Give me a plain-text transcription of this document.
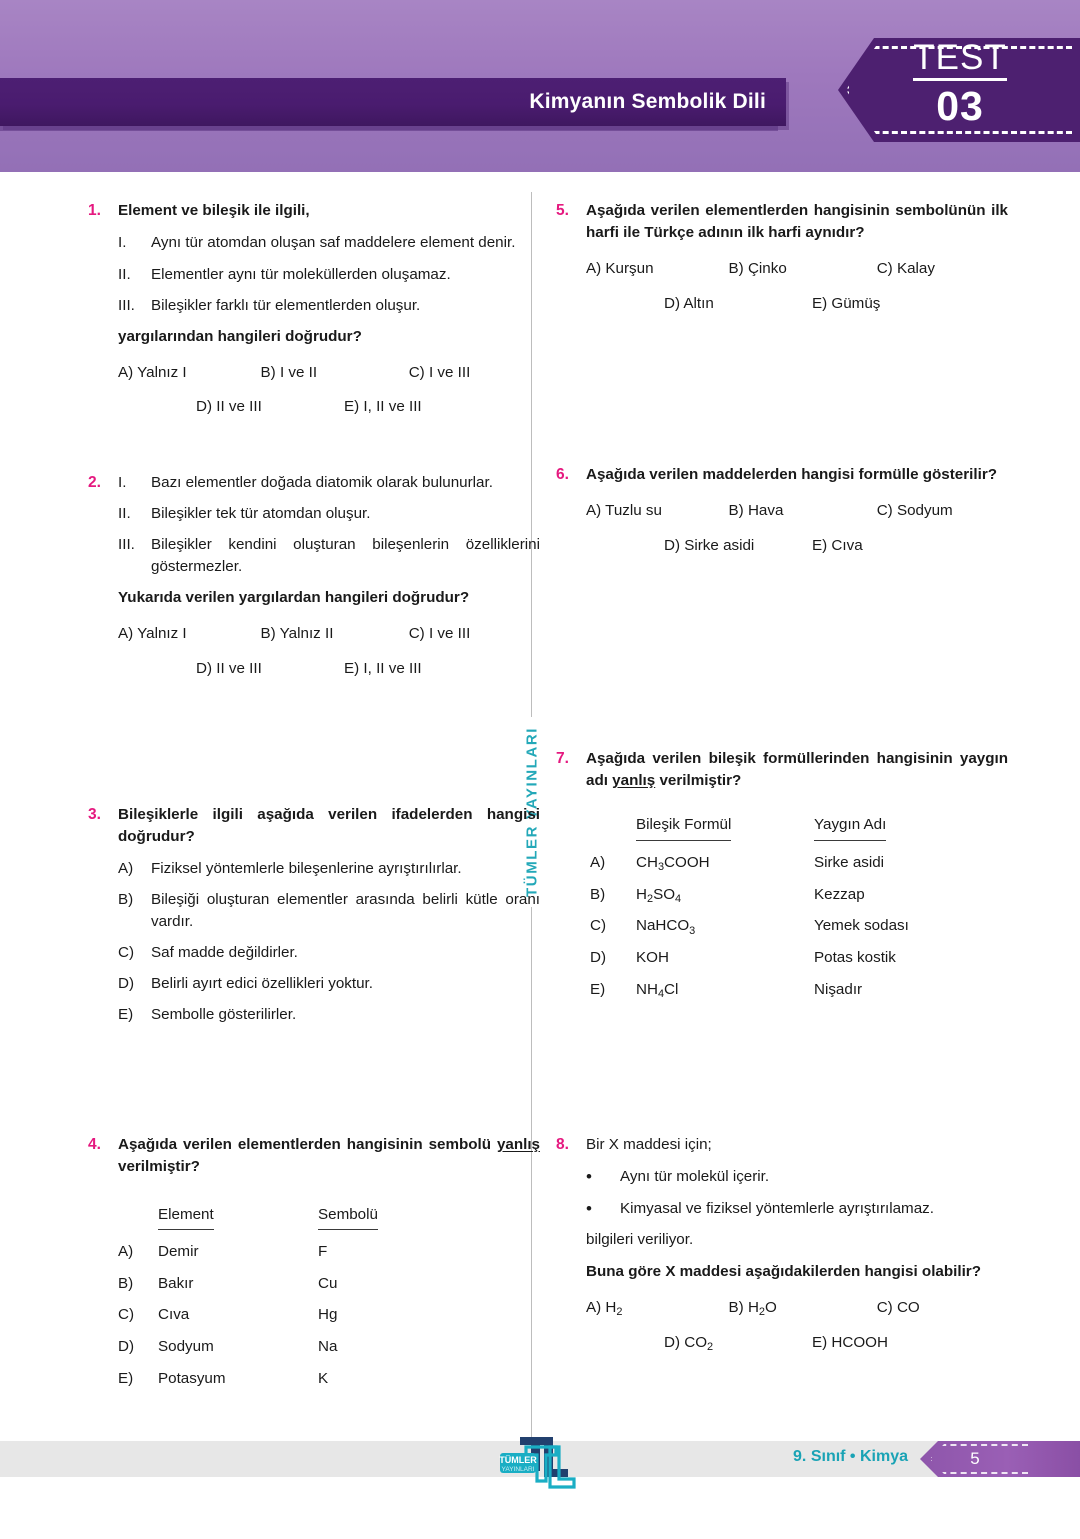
Kimyanın Sembolik Dili
TEST
03
TÜMLER YAYINLARI
1.	Element ve bileşik ile ilgili,
I.	Aynı tür atomdan oluşan saf maddelere element denir.
II.	Elementler aynı tür moleküllerden oluşamaz.
III.	Bileşikler farklı tür elementlerden oluşur.
yargılarından hangileri doğrudur?
A) Yalnız I	B) I ve II	C) I ve III
D) II ve III	E) I, II ve III
2.	I.	Bazı elementler doğada diatomik olarak bulunurlar.
II.	Bileşikler tek tür atomdan oluşur.
III.	Bileşikler kendini oluşturan bileşenlerin özelliklerini göstermezler.
Yukarıda verilen yargılardan hangileri doğrudur?
A) Yalnız I	B) Yalnız II	C) I ve III
D) II ve III	E) I, II ve III
3.	Bileşiklerle ilgili aşağıda verilen ifadelerden hangisi doğrudur?
A)	Fiziksel yöntemlerle bileşenlerine ayrıştırılırlar.
B)	Bileşiği oluşturan elementler arasında belirli kütle oranı vardır.
C)	Saf madde değildirler.
D)	Belirli ayırt edici özellikleri yoktur.
E)	Sembolle gösterilirler.
4.	Aşağıda verilen elementlerden hangisinin sembolü yanlış verilmiştir?
Element	Sembolü
A)	Demir	F
B)	Bakır	Cu
C)	Cıva	Hg
D)	Sodyum	Na
E)	Potasyum	K
5.	Aşağıda verilen elementlerden hangisinin sembolünün ilk harfi ile Türkçe adının ilk harfi aynıdır?
A) Kurşun	B) Çinko	C) Kalay
D) Altın	E) Gümüş
6.	Aşağıda verilen maddelerden hangisi formülle gösterilir?
A) Tuzlu su	B) Hava	C) Sodyum
D) Sirke asidi	E) Cıva
7.	Aşağıda verilen bileşik formüllerinden hangisinin yaygın adı yanlış verilmiştir?
Bileşik Formül	Yaygın Adı
A)	$CH_3COOH$	Sirke asidi
B)	$H_2SO_4$	Kezzap
C)	NaHCO$_3$	Yemek sodası
D)	KOH	Potas kostik
E)	$NH_4Cl$	Nişadır
8.	Bir X maddesi için;
•	Aynı tür molekül içerir.
•	Kimyasal ve fiziksel yöntemlerle ayrıştırılamaz.
bilgileri veriliyor.
Buna göre X maddesi aşağıdakilerden hangisi olabilir?
A) $H_2$	B) $H_2O$	C) CO
D) $CO_2$	E) HCOOH
TÜMLER
YAYINLARI
9. Sınıf • Kimya	5
